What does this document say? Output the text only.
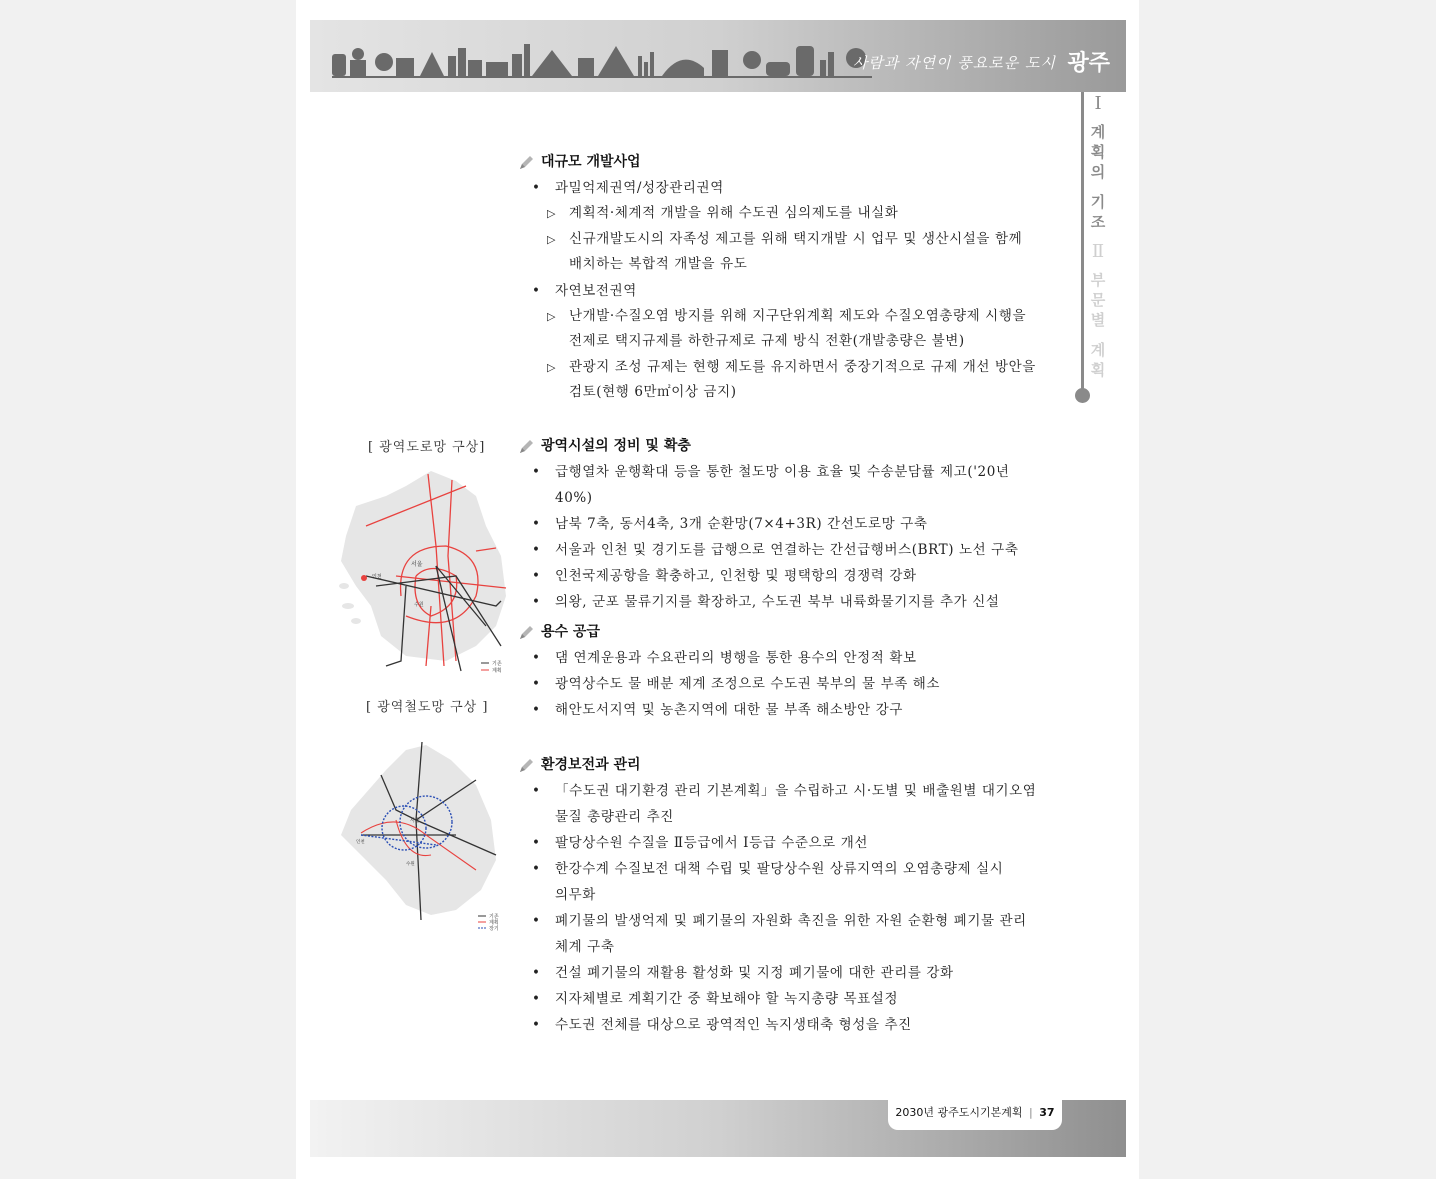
사람과 자연이 풍요로운 도시 광주
Ⅰ
계
획
의
기
조
Ⅱ
부
문
별
계
획
[ 광역도로망 구상]
서울
인천
수원
기존
계획
[ 광역철도망 구상 ]
서울
인천
수원
기존
계획
장기
대규모 개발사업
• 과밀억제권역/성장관리권역
▷ 계획적·체계적 개발을 위해 수도권 심의제도를 내실화
▷ 신규개발도시의 자족성 제고를 위해 택지개발 시 업무 및 생산시설을 함께
배치하는 복합적 개발을 유도
• 자연보전권역
▷ 난개발·수질오염 방지를 위해 지구단위계획 제도와 수질오염총량제 시행을
전제로 택지규제를 하한규제로 규제 방식 전환(개발총량은 불변)
▷ 관광지 조성 규제는 현행 제도를 유지하면서 중장기적으로 규제 개선 방안을
검토(현행 6만㎡이상 금지)
광역시설의 정비 및 확충
• 급행열차 운행확대 등을 통한 철도망 이용 효율 및 수송분담률 제고('20년 40%)
• 남북 7축, 동서4축, 3개 순환망(7×4+3R) 간선도로망 구축
• 서울과 인천 및 경기도를 급행으로 연결하는 간선급행버스(BRT) 노선 구축
• 인천국제공항을 확충하고, 인천항 및 평택항의 경쟁력 강화
• 의왕, 군포 물류기지를 확장하고, 수도권 북부 내륙화물기지를 추가 신설
용수 공급
• 댐 연계운용과 수요관리의 병행을 통한 용수의 안정적 확보
• 광역상수도 물 배분 제계 조정으로 수도권 북부의 물 부족 해소
• 해안도서지역 및 농촌지역에 대한 물 부족 해소방안 강구
환경보전과 관리
• 「수도권 대기환경 관리 기본계획」을 수립하고 시·도별 및 배출원별 대기오염
물질 총량관리 추진
• 팔당상수원 수질을 Ⅱ등급에서 Ⅰ등급 수준으로 개선
• 한강수계 수질보전 대책 수립 및 팔당상수원 상류지역의 오염총량제 실시
의무화
• 폐기물의 발생억제 및 폐기물의 자원화 촉진을 위한 자원 순환형 폐기물 관리
체계 구축
• 건설 폐기물의 재활용 활성화 및 지정 폐기물에 대한 관리를 강화
• 지자체별로 계획기간 중 확보해야 할 녹지총량 목표설정
• 수도권 전체를 대상으로 광역적인 녹지생태축 형성을 추진
2030년 광주도시기본계획 | 37
